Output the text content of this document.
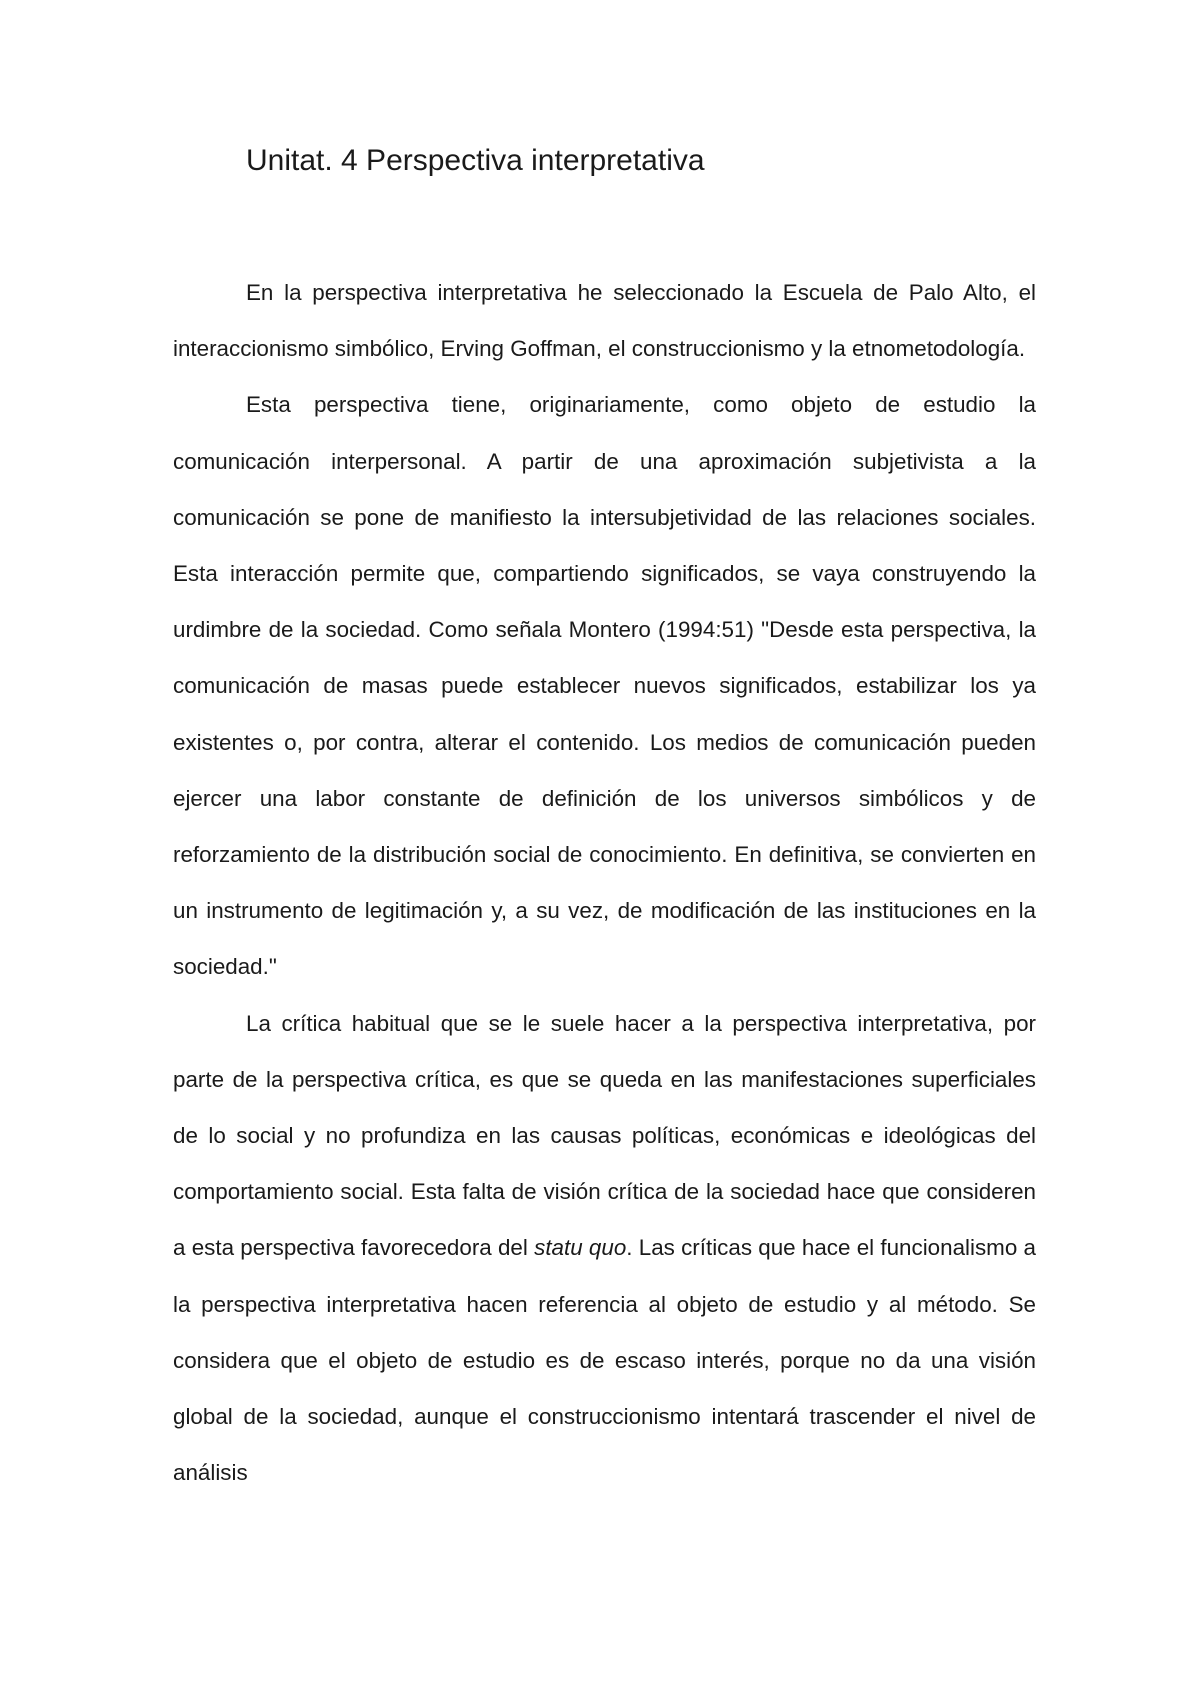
Unitat. 4 Perspectiva interpretativa

En la perspectiva interpretativa he seleccionado la Escuela de Palo Alto, el interaccionismo simbólico, Erving Goffman, el construccionismo y la etnometodología.

Esta perspectiva tiene, originariamente, como objeto de estudio la comunicación interpersonal. A partir de una aproximación subjetivista a la comunicación se pone de manifiesto la intersubjetividad de las relaciones sociales. Esta interacción permite que, compartiendo significados, se vaya construyendo la urdimbre de la sociedad. Como señala Montero (1994:51) "Desde esta perspectiva, la comunicación de masas puede establecer nuevos significados, estabilizar los ya existentes o, por contra, alterar el contenido. Los medios de comunicación pueden ejercer una labor constante de definición de los universos simbólicos y de reforzamiento de la distribución social de conocimiento. En definitiva, se convierten en un instrumento de legitimación y, a su vez, de modificación de las instituciones en la sociedad."

La crítica habitual que se le suele hacer a la perspectiva interpretativa, por parte de la perspectiva crítica, es que se queda en las manifestaciones superficiales de lo social y no profundiza en las causas políticas, económicas e ideológicas del comportamiento social. Esta falta de visión crítica de la sociedad hace que consideren a esta perspectiva favorecedora del statu quo. Las críticas que hace el funcionalismo a la perspectiva interpretativa hacen referencia al objeto de estudio y al método. Se considera que el objeto de estudio es de escaso interés, porque no da una visión global de la sociedad, aunque el construccionismo intentará trascender el nivel de análisis
